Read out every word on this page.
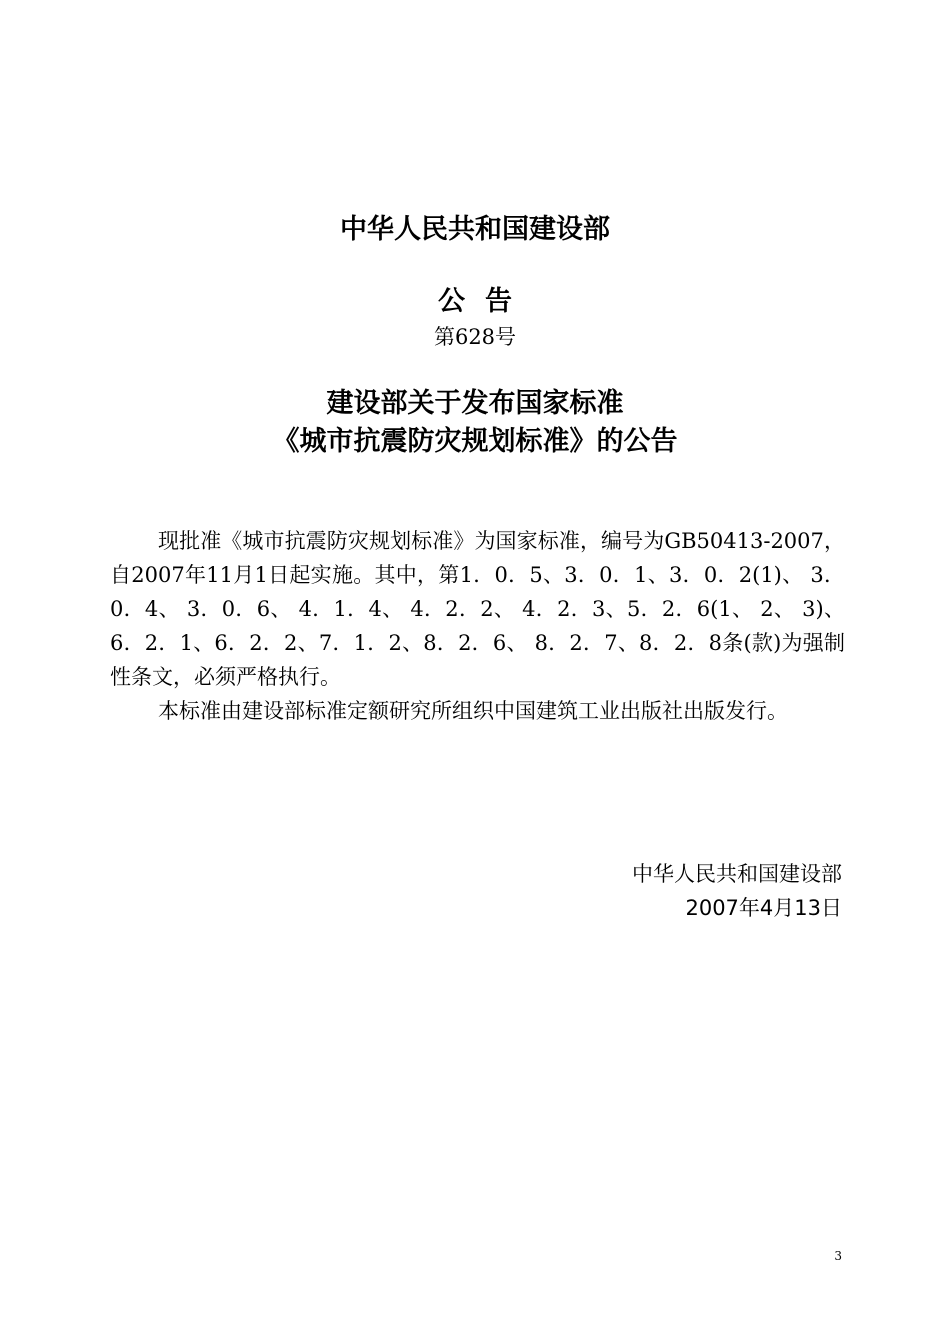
中华人民共和国建设部
公告
第628号
建设部关于发布国家标准
《城市抗震防灾规划标准》的公告
现批准《城市抗震防灾规划标准》为国家标准，编号为GB50413-2007，自2007年11月1日起实施。其中，第1．0．5、3．0．1、3．0．2(1)、 3．0．4、 3．0．6、 4．1．4、 4．2．2、 4．2．3、5．2．6(1、 2、 3)、6．2．1、6．2．2、7．1．2、8．2．6、 8．2．7、8．2．8条(款)为强制性条文，必须严格执行。
本标准由建设部标准定额研究所组织中国建筑工业出版社出版发行。
中华人民共和国建设部
2007年4月13日
3
